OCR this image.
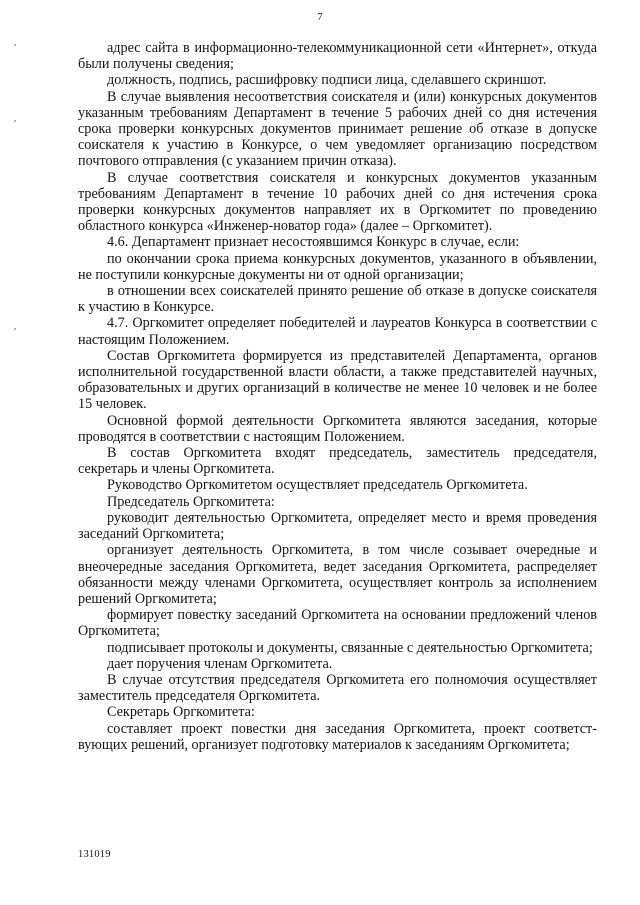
7

адрес сайта в информационно-телекоммуникационной сети «Интернет», откуда были получены сведения;

должность, подпись, расшифровку подписи лица, сделавшего скриншот.

В случае выявления несоответствия соискателя и (или) конкурсных документов указанным требованиям Департамент в течение 5 рабочих дней со дня истечения срока проверки конкурсных документов принимает решение об отказе в допуске соискателя к участию в Конкурсе, о чем уведомляет организацию посредством почтового отправления (с указанием причин отказа).

В случае соответствия соискателя и конкурсных документов указанным требованиям Департамент в течение 10 рабочих дней со дня истечения срока проверки конкурсных документов направляет их в Оргкомитет по проведению областного конкурса «Инженер-новатор года» (далее – Оргкомитет).

4.6. Департамент признает несостоявшимся Конкурс в случае, если:

по окончании срока приема конкурсных документов, указанного в объявлении, не поступили конкурсные документы ни от одной организации;

в отношении всех соискателей принято решение об отказе в допуске соискателя к участию в Конкурсе.

4.7. Оргкомитет определяет победителей и лауреатов Конкурса в соответствии с настоящим Положением.

Состав Оргкомитета формируется из представителей Департамента, органов исполнительной государственной власти области, а также представителей научных, образовательных и других организаций в количестве не менее 10 человек и не более 15 человек.

Основной формой деятельности Оргкомитета являются заседания, которые проводятся в соответствии с настоящим Положением.

В состав Оргкомитета входят председатель, заместитель председателя, секретарь и члены Оргкомитета.

Руководство Оргкомитетом осуществляет председатель Оргкомитета.

Председатель Оргкомитета:

руководит деятельностью Оргкомитета, определяет место и время проведения заседаний Оргкомитета;

организует деятельность Оргкомитета, в том числе созывает очередные и внеочередные заседания Оргкомитета, ведет заседания Оргкомитета, распределяет обязанности между членами Оргкомитета, осуществляет контроль за исполнением решений Оргкомитета;

формирует повестку заседаний Оргкомитета на основании предложений членов Оргкомитета;

подписывает протоколы и документы, связанные с деятельностью Оргкомитета;

дает поручения членам Оргкомитета.

В случае отсутствия председателя Оргкомитета его полномочия осуществляет заместитель председателя Оргкомитета.

Секретарь Оргкомитета:

составляет проект повестки дня заседания Оргкомитета, проект соответствующих решений, организует подготовку материалов к заседаниям Оргкомитета;

131019
